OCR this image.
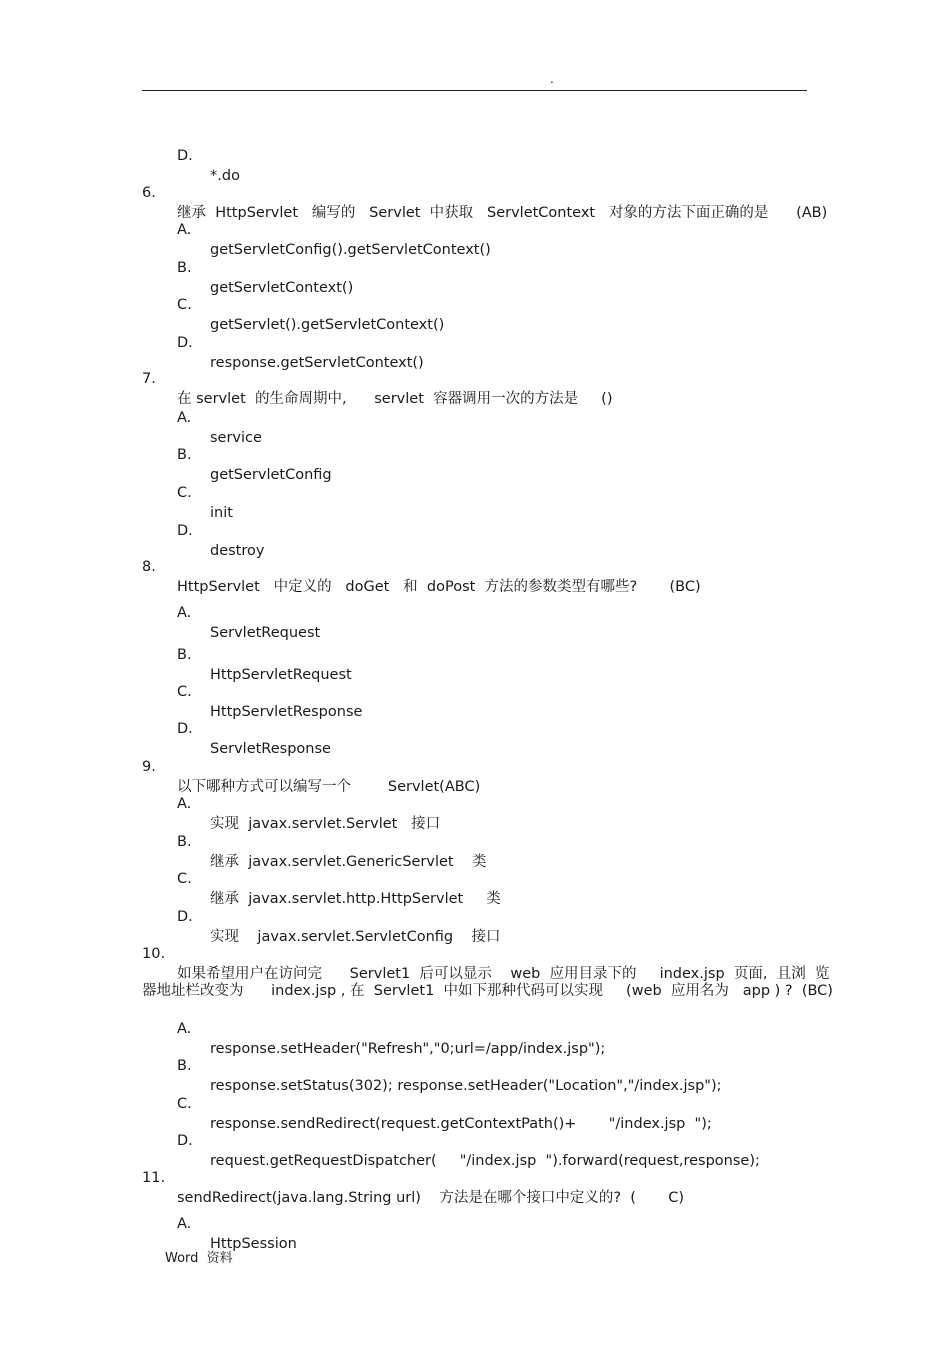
.

D.

*.do

6.

继承  HttpServlet   编写的   Servlet  中获取   ServletContext   对象的方法下面正确的是      (AB)

A.

getServletConfig().getServletContext()

B.

getServletContext()

C.

getServlet().getServletContext()

D.

response.getServletContext()

7.

在 servlet  的生命周期中,      servlet  容器调用一次的方法是     ()

A.

service

B.

getServletConfig

C.

init

D.

destroy

8.

HttpServlet   中定义的   doGet   和  doPost  方法的参数类型有哪些?       (BC)

A.

ServletRequest

B.

HttpServletRequest

C.

HttpServletResponse

D.

ServletResponse

9.

以下哪种方式可以编写一个        Servlet(ABC)

A.

实现  javax.servlet.Servlet   接口

B.

继承  javax.servlet.GenericServlet    类

C.

继承  javax.servlet.http.HttpServlet     类

D.

实现    javax.servlet.ServletConfig    接口

10.

如果希望用户在访问完      Servlet1  后可以显示    web  应用目录下的     index.jsp  页面,  且浏  览

器地址栏改变为      index.jsp , 在  Servlet1  中如下那种代码可以实现     (web  应用名为   app ) ?  (BC)

A.

response.setHeader("Refresh","0;url=/app/index.jsp");

B.

response.setStatus(302); response.setHeader("Location","/index.jsp");

C.

response.sendRedirect(request.getContextPath()+       "/index.jsp  ");

D.

request.getRequestDispatcher(     "/index.jsp  ").forward(request,response);

11.

sendRedirect(java.lang.String url)    方法是在哪个接口中定义的?  (       C)

A.

HttpSession

Word  资料
